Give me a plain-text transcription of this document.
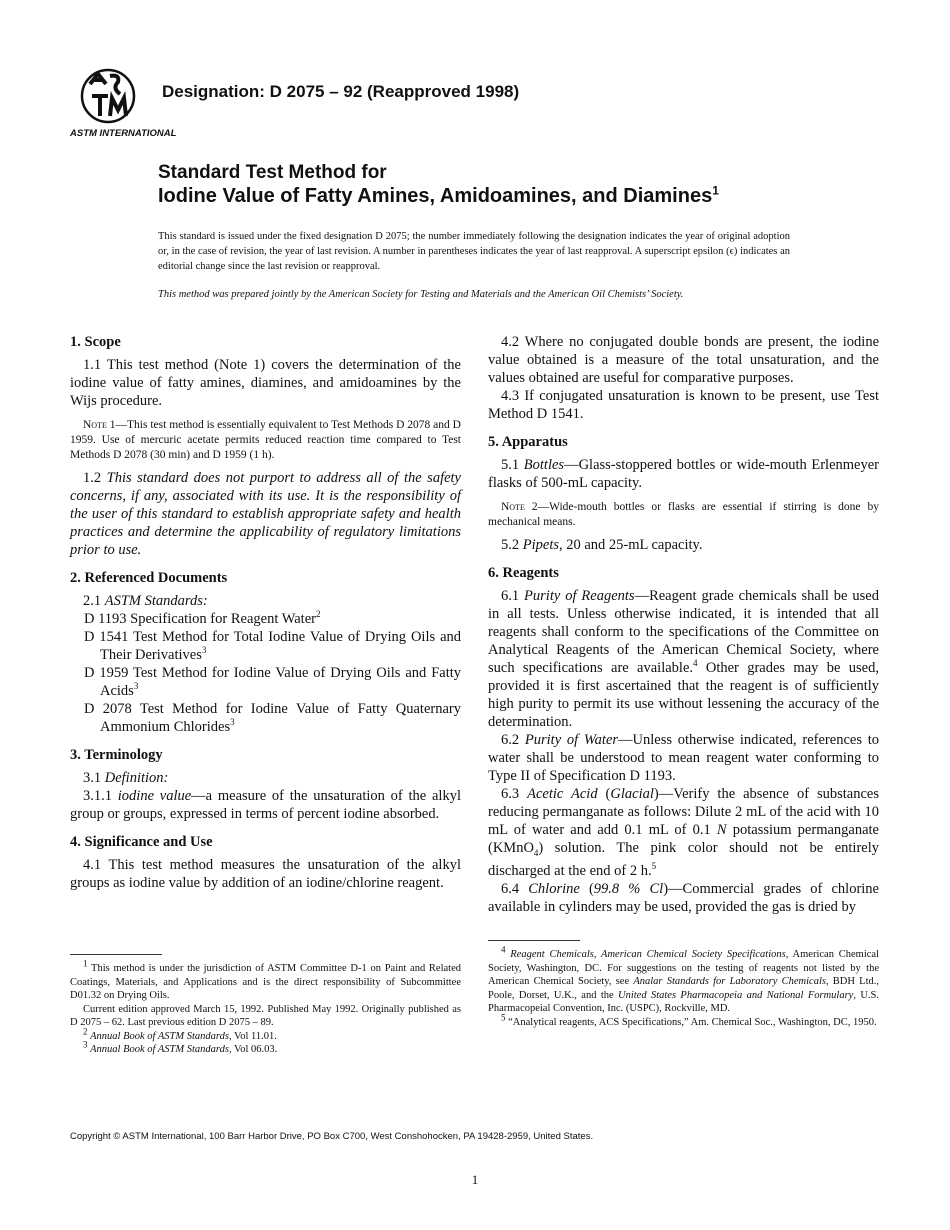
ASTM INTERNATIONAL
Designation: D 2075 – 92 (Reapproved 1998)
Standard Test Method for
Iodine Value of Fatty Amines, Amidoamines, and Diamines$^1$
This standard is issued under the fixed designation D 2075; the number immediately following the designation indicates the year of original adoption or, in the case of revision, the year of last revision. A number in parentheses indicates the year of last reapproval. A superscript epsilon (ϵ) indicates an editorial change since the last revision or reapproval.
This method was prepared jointly by the American Society for Testing and Materials and the American Oil Chemists’ Society.
1. Scope

1.1 This test method (Note 1) covers the determination of the iodine value of fatty amines, diamines, and amidoamines by the Wijs procedure.

Note 1—This test method is essentially equivalent to Test Methods D 2078 and D 1959. Use of mercuric acetate permits reduced reaction time compared to Test Methods D 2078 (30 min) and D 1959 (1 h).

1.2 This standard does not purport to address all of the safety concerns, if any, associated with its use. It is the responsibility of the user of this standard to establish appropriate safety and health practices and determine the applicability of regulatory limitations prior to use.

2. Referenced Documents

2.1 ASTM Standards:

D 1193 Specification for Reagent Water$^2$

D 1541 Test Method for Total Iodine Value of Drying Oils and Their Derivatives$^3$

D 1959 Test Method for Iodine Value of Drying Oils and Fatty Acids$^3$

D 2078 Test Method for Iodine Value of Fatty Quaternary Ammonium Chlorides$^3$

3. Terminology

3.1 Definition:

3.1.1 iodine value—a measure of the unsaturation of the alkyl group or groups, expressed in terms of percent iodine absorbed.

4. Significance and Use

4.1 This test method measures the unsaturation of the alkyl groups as iodine value by addition of an iodine/chlorine reagent.

4.2 Where no conjugated double bonds are present, the iodine value obtained is a measure of the total unsaturation, and the values obtained are useful for comparative purposes.

4.3 If conjugated unsaturation is known to be present, use Test Method D 1541.

5. Apparatus

5.1 Bottles—Glass-stoppered bottles or wide-mouth Erlenmeyer flasks of 500-mL capacity.

Note 2—Wide-mouth bottles or flasks are essential if stirring is done by mechanical means.

5.2 Pipets, 20 and 25-mL capacity.

6. Reagents

6.1 Purity of Reagents—Reagent grade chemicals shall be used in all tests. Unless otherwise indicated, it is intended that all reagents shall conform to the specifications of the Committee on Analytical Reagents of the American Chemical Society, where such specifications are available.$^4$ Other grades may be used, provided it is first ascertained that the reagent is of sufficiently high purity to permit its use without lessening the accuracy of the determination.

6.2 Purity of Water—Unless otherwise indicated, references to water shall be understood to mean reagent water conforming to Type II of Specification D 1193.

6.3 Acetic Acid (Glacial)—Verify the absence of substances reducing permanganate as follows: Dilute 2 mL of the acid with 10 mL of water and add 0.1 mL of 0.1 N potassium permanganate (KMnO$_4$) solution. The pink color should not be entirely discharged at the end of 2 h.$^5$

6.4 Chlorine (99.8 % Cl)—Commercial grades of chlorine available in cylinders may be used, provided the gas is dried by

$^1$ This method is under the jurisdiction of ASTM Committee D-1 on Paint and Related Coatings, Materials, and Applications and is the direct responsibility of Subcommittee D01.32 on Drying Oils.

Current edition approved March 15, 1992. Published May 1992. Originally published as D 2075 – 62. Last previous edition D 2075 – 89.

$^2$ Annual Book of ASTM Standards, Vol 11.01.

$^3$ Annual Book of ASTM Standards, Vol 06.03.

$^4$ Reagent Chemicals, American Chemical Society Specifications, American Chemical Society, Washington, DC. For suggestions on the testing of reagents not listed by the American Chemical Society, see Analar Standards for Laboratory Chemicals, BDH Ltd., Poole, Dorset, U.K., and the United States Pharmacopeia and National Formulary, U.S. Pharmacopeial Convention, Inc. (USPC), Rockville, MD.

$^5$ “Analytical reagents, ACS Specifications,” Am. Chemical Soc., Washington, DC, 1950.

Copyright © ASTM International, 100 Barr Harbor Drive, PO Box C700, West Conshohocken, PA 19428-2959, United States.
1
